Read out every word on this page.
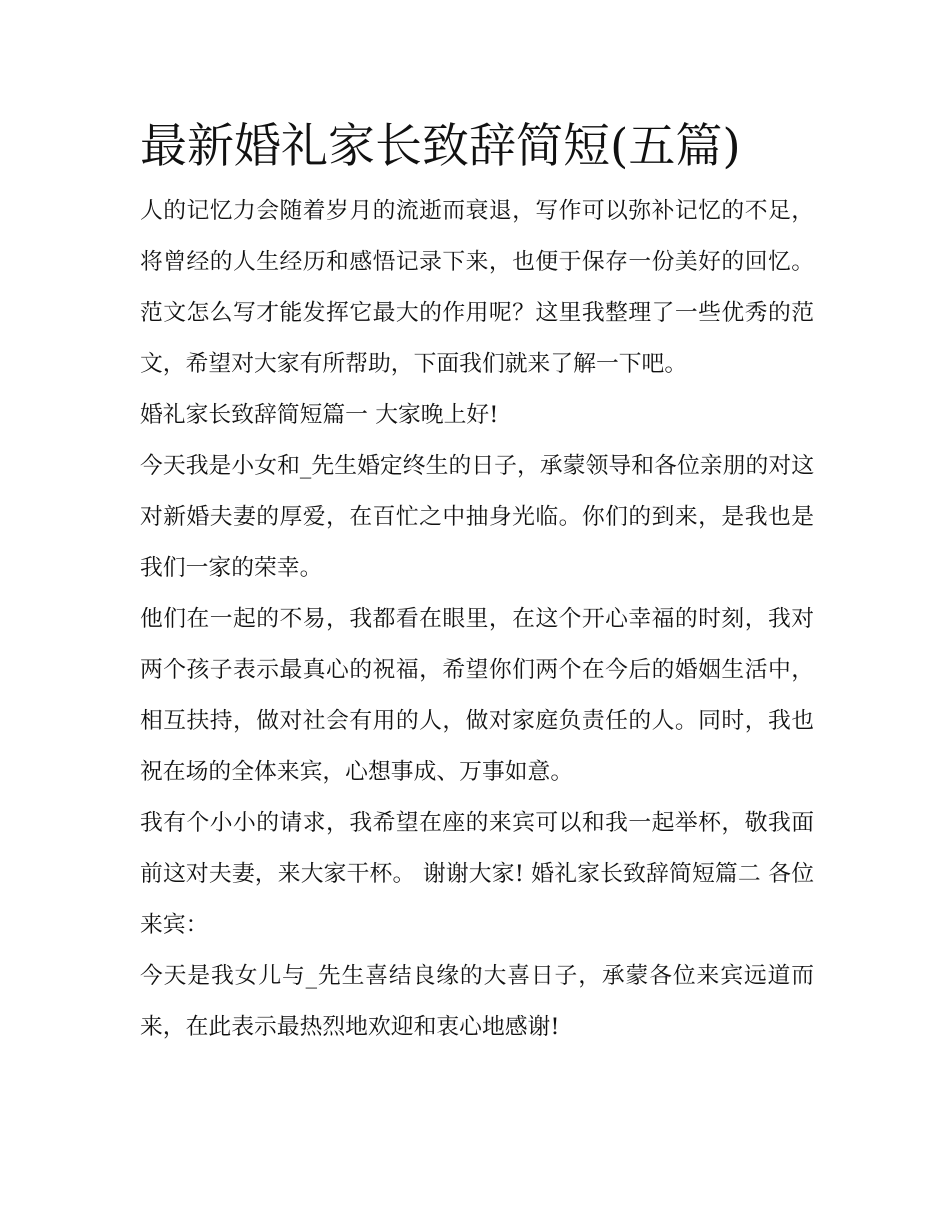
最新婚礼家长致辞简短(五篇)

人的记忆力会随着岁月的流逝而衰退，写作可以弥补记忆的不足，将曾经的人生经历和感悟记录下来，也便于保存一份美好的回忆。范文怎么写才能发挥它最大的作用呢？这里我整理了一些优秀的范文，希望对大家有所帮助，下面我们就来了解一下吧。

婚礼家长致辞简短篇一 大家晚上好!

今天我是小女和_先生婚定终生的日子，承蒙领导和各位亲朋的对这对新婚夫妻的厚爱，在百忙之中抽身光临。你们的到来，是我也是我们一家的荣幸。

他们在一起的不易，我都看在眼里，在这个开心幸福的时刻，我对两个孩子表示最真心的祝福，希望你们两个在今后的婚姻生活中，相互扶持，做对社会有用的人，做对家庭负责任的人。同时，我也祝在场的全体来宾，心想事成、万事如意。

我有个小小的请求，我希望在座的来宾可以和我一起举杯，敬我面前这对夫妻，来大家干杯。 谢谢大家! 婚礼家长致辞简短篇二 各位来宾：

今天是我女儿与_先生喜结良缘的大喜日子，承蒙各位来宾远道而来，在此表示最热烈地欢迎和衷心地感谢!
